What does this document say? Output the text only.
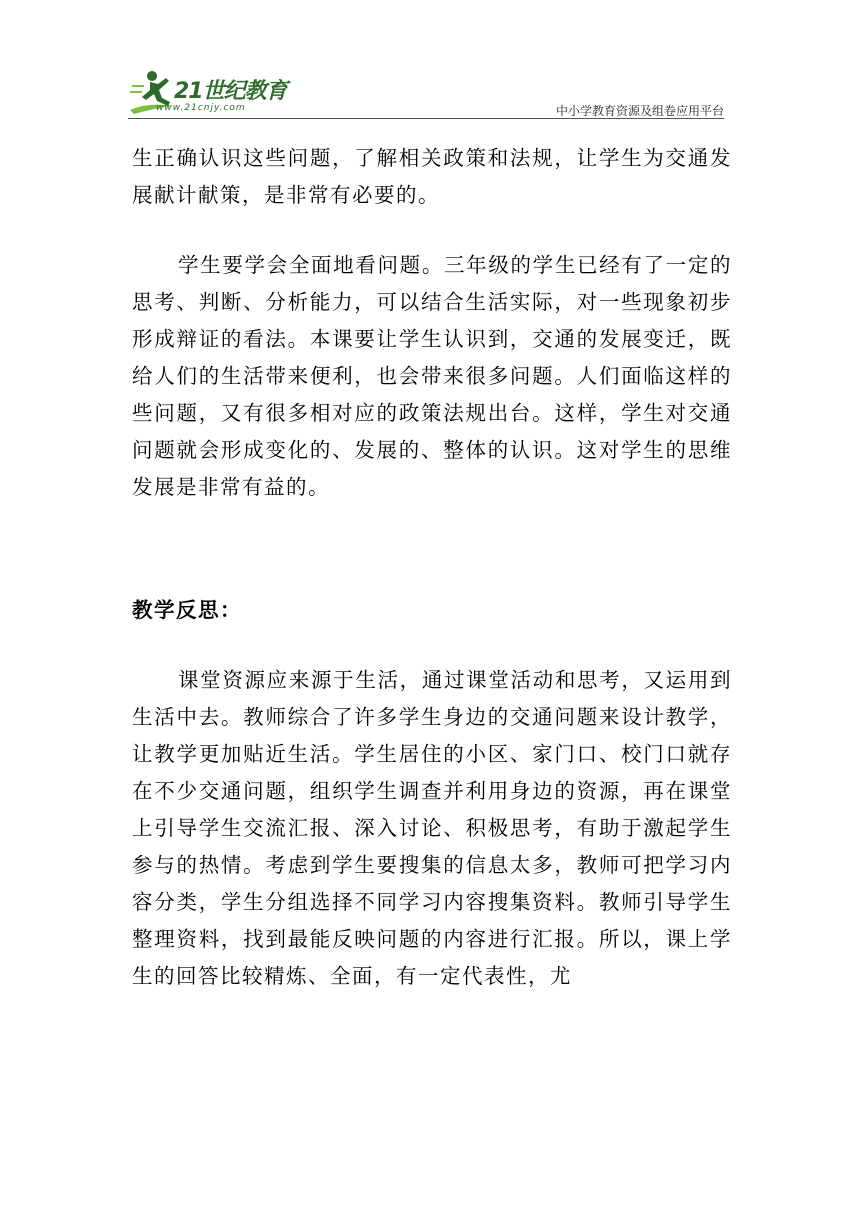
21世纪教育
www.21cnjy.com	中小学教育资源及组卷应用平台

生正确认识这些问题，了解相关政策和法规，让学生为交通发展献计献策，是非常有必要的。

学生要学会全面地看问题。三年级的学生已经有了一定的思考、判断、分析能力，可以结合生活实际，对一些现象初步形成辩证的看法。本课要让学生认识到，交通的发展变迁，既给人们的生活带来便利，也会带来很多问题。人们面临这样的些问题，又有很多相对应的政策法规出台。这样，学生对交通问题就会形成变化的、发展的、整体的认识。这对学生的思维发展是非常有益的。

教学反思：

课堂资源应来源于生活，通过课堂活动和思考，又运用到生活中去。教师综合了许多学生身边的交通问题来设计教学，让教学更加贴近生活。学生居住的小区、家门口、校门口就存在不少交通问题，组织学生调查并利用身边的资源，再在课堂上引导学生交流汇报、深入讨论、积极思考，有助于激起学生参与的热情。考虑到学生要搜集的信息太多，教师可把学习内容分类，学生分组选择不同学习内容搜集资料。教师引导学生整理资料，找到最能反映问题的内容进行汇报。所以，课上学生的回答比较精炼、全面，有一定代表性，尤
